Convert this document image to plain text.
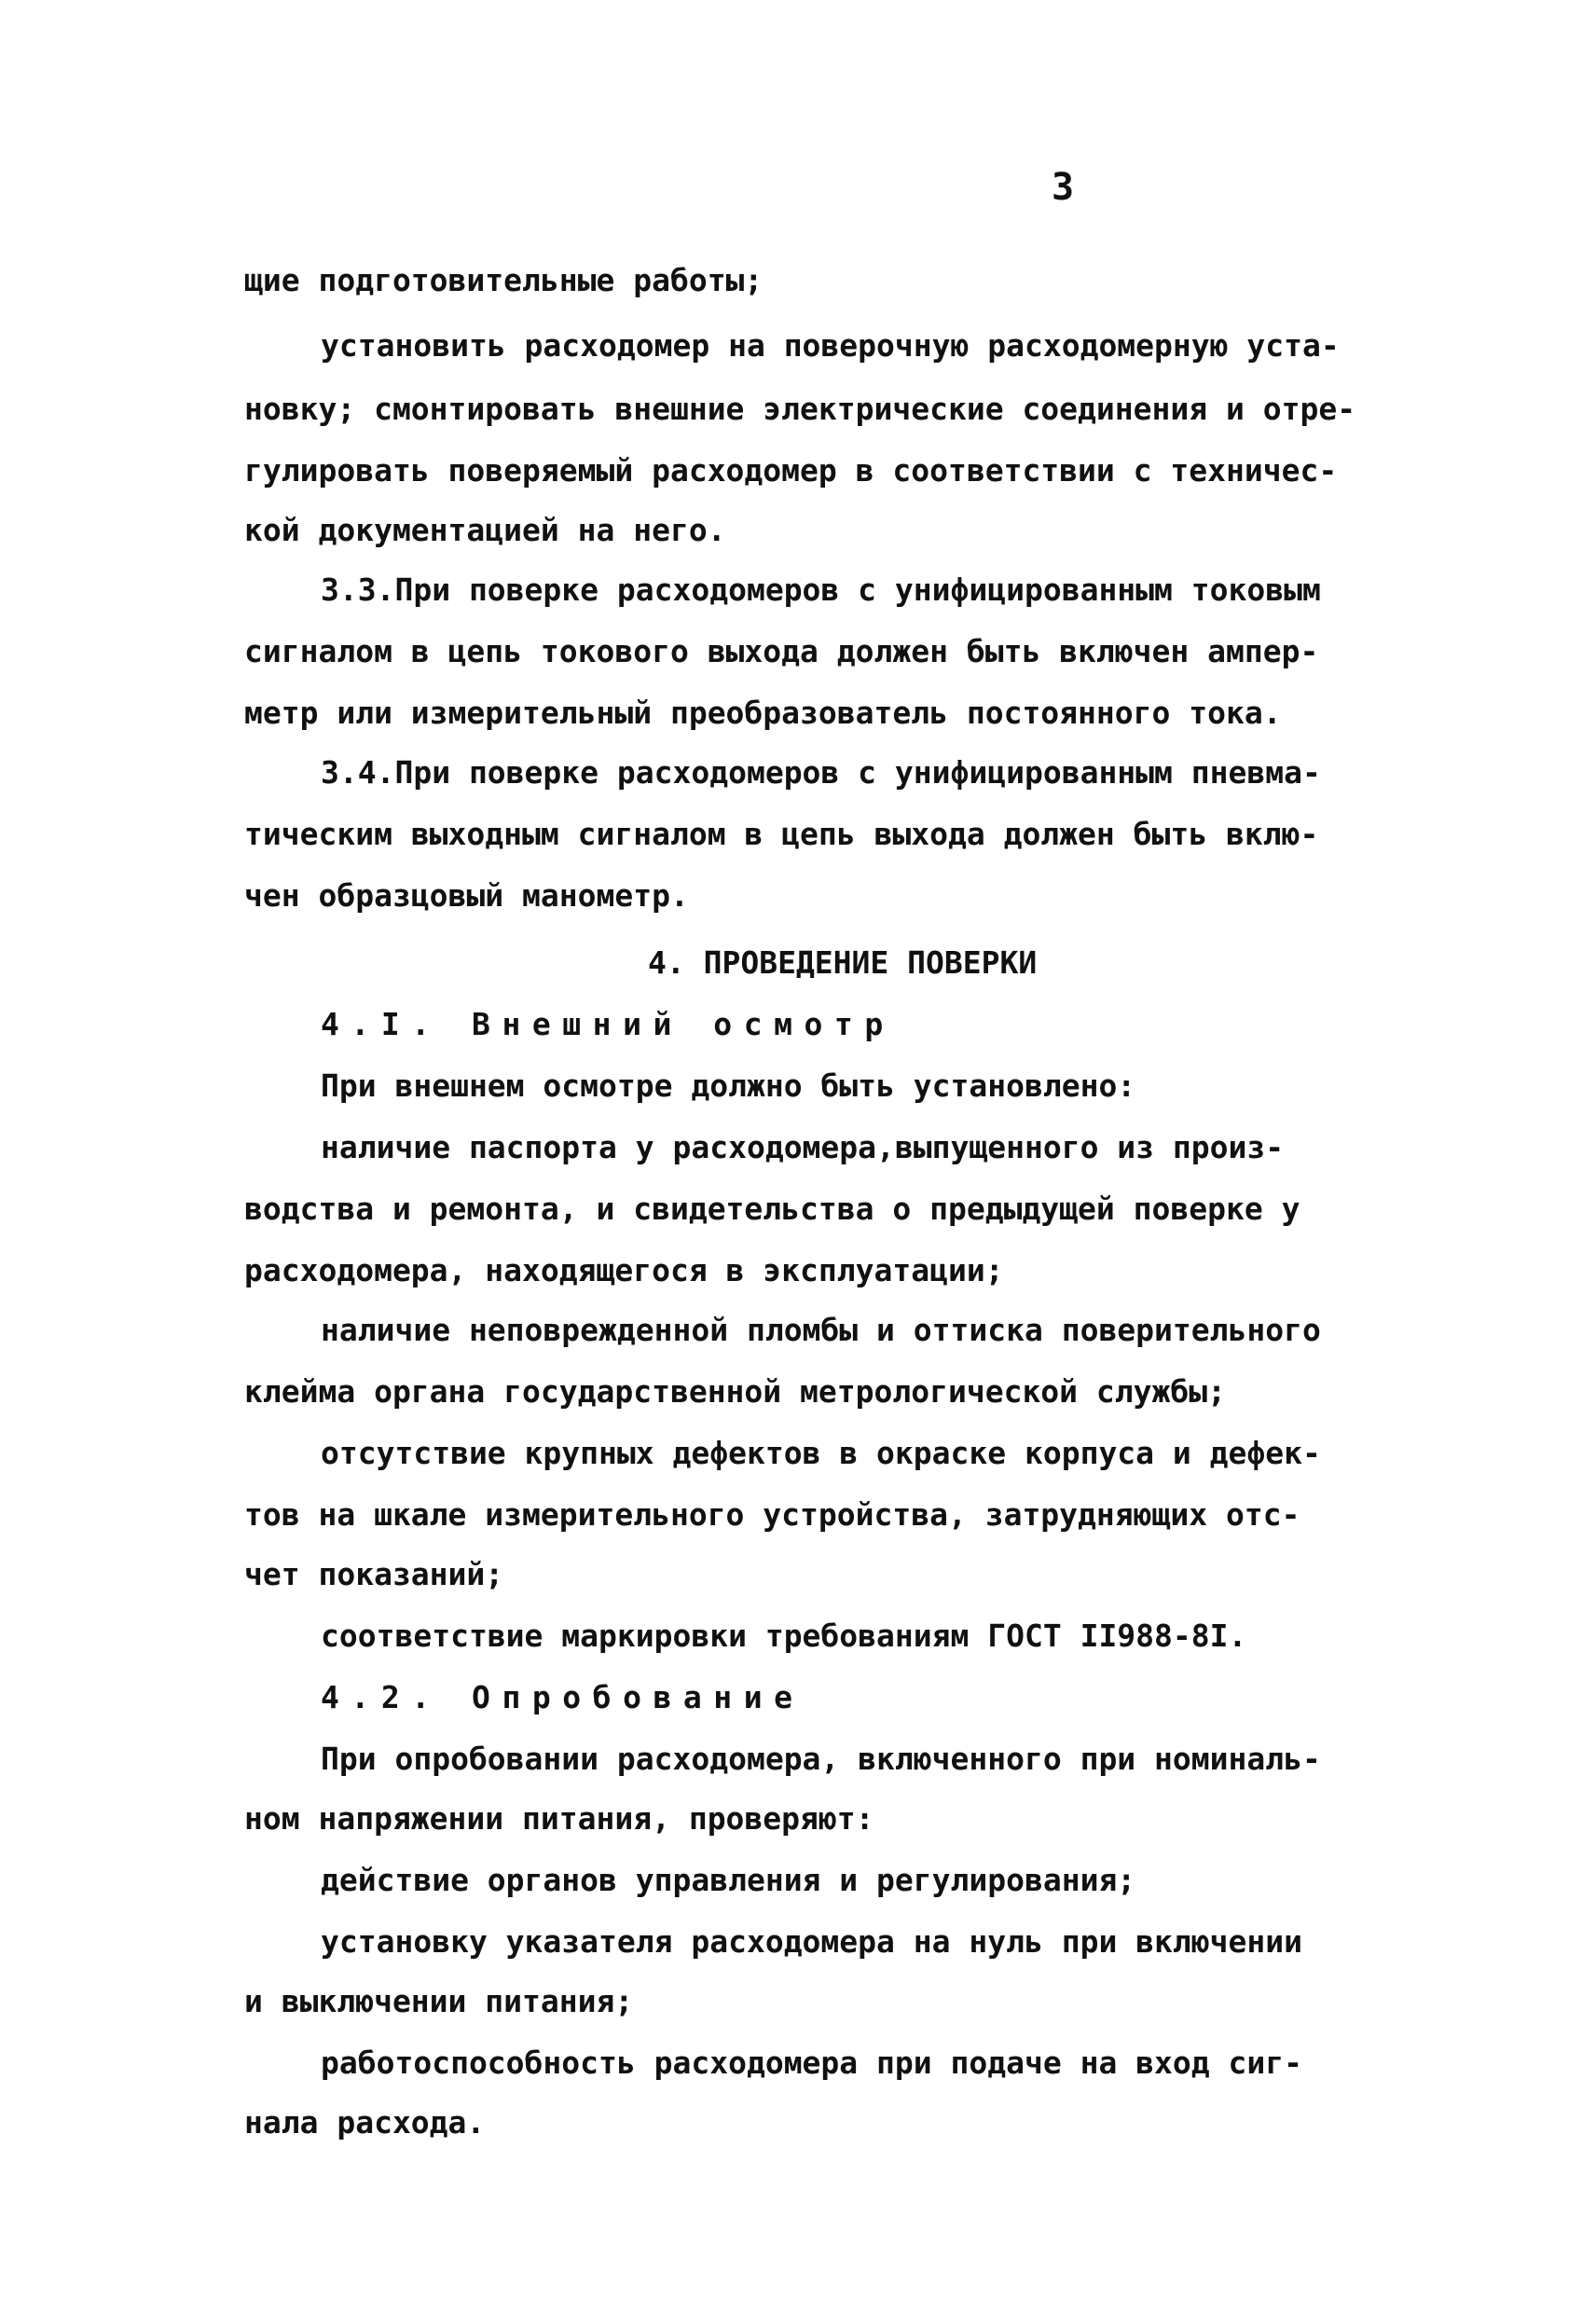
3
щие подготовительные работы;
установить расходомер на поверочную расходомерную уста-
новку; смонтировать внешние электрические соединения и отре-
гулировать поверяемый расходомер в соответствии с техничес-
кой документацией на него.
3.3.При поверке расходомеров с унифицированным токовым
сигналом в цепь токового выхода должен быть включен ампер-
метр или измерительный преобразователь постоянного тока.
3.4.При поверке расходомеров с унифицированным пневма-
тическим выходным сигналом в цепь выхода должен быть вклю-
чен образцовый манометр.
4. ПРОВЕДЕНИЕ ПОВЕРКИ
4.I. Внешний осмотр
При внешнем осмотре должно быть установлено:
наличие паспорта у расходомера,выпущенного из произ-
водства и ремонта, и свидетельства о предыдущей поверке у
расходомера, находящегося в эксплуатации;
наличие неповрежденной пломбы и оттиска поверительного
клейма органа государственной метрологической службы;
отсутствие крупных дефектов в окраске корпуса и дефек-
тов на шкале измерительного устройства, затрудняющих отс-
чет показаний;
соответствие маркировки требованиям ГОСТ II988-8I.
4.2. Опробование
При опробовании расходомера, включенного при номиналь-
ном напряжении питания, проверяют:
действие органов управления и регулирования;
установку указателя расходомера на нуль при включении
и выключении питания;
работоспособность расходомера при подаче на вход сиг-
нала расхода.
